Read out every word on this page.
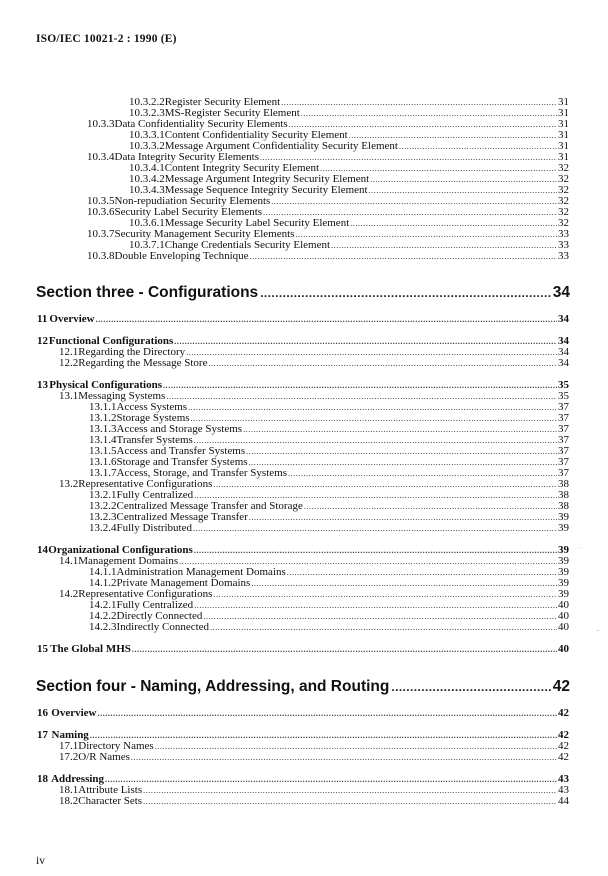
ISO/IEC 10021-2 : 1990 (E)
10.3.2.2 Register Security Element .....	31
10.3.2.3 MS-Register Security Element .....	31
10.3.3 Data Confidentiality Security Elements .....	31
10.3.3.1 Content Confidentiality Security Element .....	31
10.3.3.2 Message Argument Confidentiality Security Element .....	31
10.3.4 Data Integrity Security Elements .....	31
10.3.4.1 Content Integrity Security Element .....	32
10.3.4.2 Message Argument Integrity Security Element .....	32
10.3.4.3 Message Sequence Integrity Security Element .....	32
10.3.5 Non-repudiation Security Elements .....	32
10.3.6 Security Label Security Elements .....	32
10.3.6.1 Message Security Label Security Element .....	32
10.3.7 Security Management Security Elements .....	33
10.3.7.1 Change Credentials Security Element .....	33
10.3.8 Double Enveloping Technique .....	33
Section three - Configurations .....	34
11 Overview .....	34
12 Functional Configurations .....	34
12.1 Regarding the Directory .....	34
12.2 Regarding the Message Store .....	34
13 Physical Configurations .....	35
13.1 Messaging Systems .....	35
13.1.1 Access Systems .....	37
13.1.2 Storage Systems .....	37
13.1.3 Access and Storage Systems .....	37
13.1.4 Transfer Systems .....	37
13.1.5 Access and Transfer Systems .....	37
13.1.6 Storage and Transfer Systems .....	37
13.1.7 Access, Storage, and Transfer Systems .....	37
13.2 Representative Configurations .....	38
13.2.1 Fully Centralized .....	38
13.2.2 Centralized Message Transfer and Storage .....	38
13.2.3 Centralized Message Transfer .....	39
13.2.4 Fully Distributed .....	39
14 Organizational Configurations .....	39
14.1 Management Domains .....	39
14.1.1 Administration Management Domains .....	39
14.1.2 Private Management Domains .....	39
14.2 Representative Configurations .....	39
14.2.1 Fully Centralized .....	40
14.2.2 Directly Connected .....	40
14.2.3 Indirectly Connected .....	40
15 The Global MHS .....	40
Section four - Naming, Addressing, and Routing .....	42
16 Overview .....	42
17 Naming .....	42
17.1 Directory Names .....	42
17.2 O/R Names .....	42
18 Addressing .....	43
18.1 Attribute Lists .....	43
18.2 Character Sets .....	44
·˙·
–
iv
